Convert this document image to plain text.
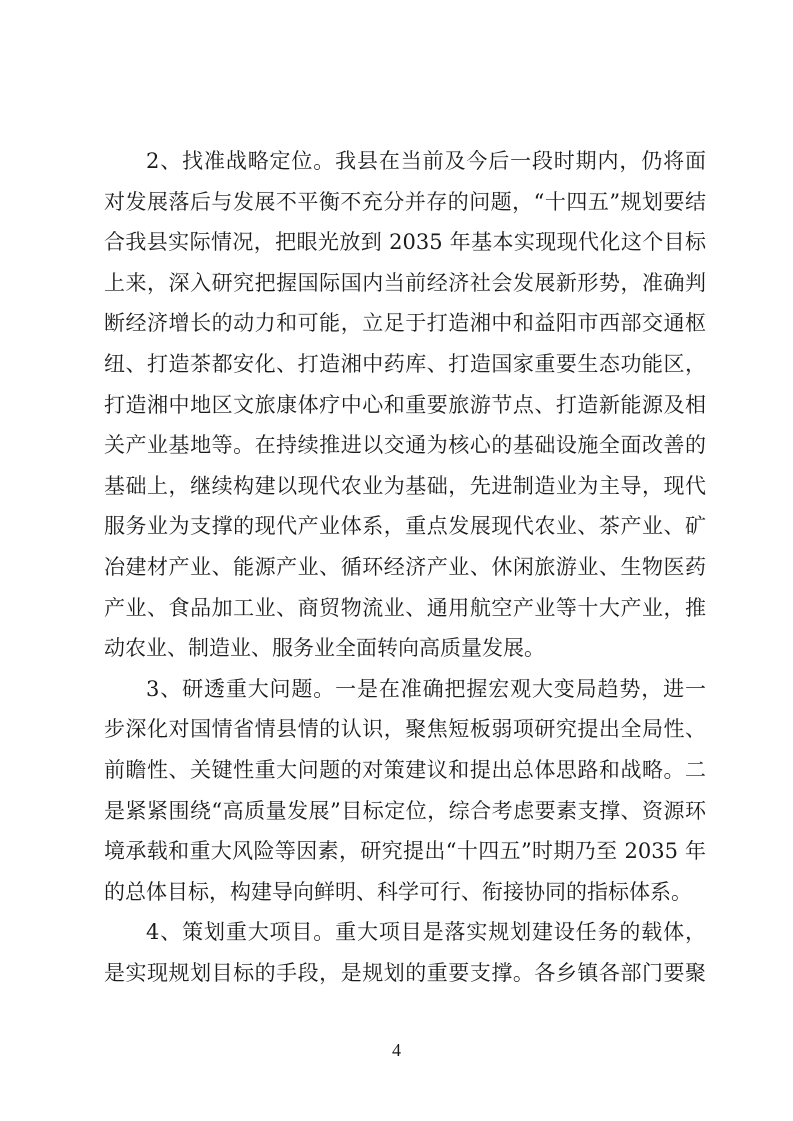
2、找准战略定位。我县在当前及今后一段时期内，仍将面
对发展落后与发展不平衡不充分并存的问题，“十四五”规划要结
合我县实际情况，把眼光放到 2035 年基本实现现代化这个目标
上来，深入研究把握国际国内当前经济社会发展新形势，准确判
断经济增长的动力和可能，立足于打造湘中和益阳市西部交通枢
纽、打造茶都安化、打造湘中药库、打造国家重要生态功能区，
打造湘中地区文旅康体疗中心和重要旅游节点、打造新能源及相
关产业基地等。在持续推进以交通为核心的基础设施全面改善的
基础上，继续构建以现代农业为基础，先进制造业为主导，现代
服务业为支撑的现代产业体系，重点发展现代农业、茶产业、矿
冶建材产业、能源产业、循环经济产业、休闲旅游业、生物医药
产业、食品加工业、商贸物流业、通用航空产业等十大产业，推
动农业、制造业、服务业全面转向高质量发展。
3、研透重大问题。一是在准确把握宏观大变局趋势，进一
步深化对国情省情县情的认识，聚焦短板弱项研究提出全局性、
前瞻性、关键性重大问题的对策建议和提出总体思路和战略。二
是紧紧围绕“高质量发展”目标定位，综合考虑要素支撑、资源环
境承载和重大风险等因素，研究提出“十四五”时期乃至 2035 年
的总体目标，构建导向鲜明、科学可行、衔接协同的指标体系。
4、策划重大项目。重大项目是落实规划建设任务的载体，
是实现规划目标的手段，是规划的重要支撑。各乡镇各部门要聚
4
